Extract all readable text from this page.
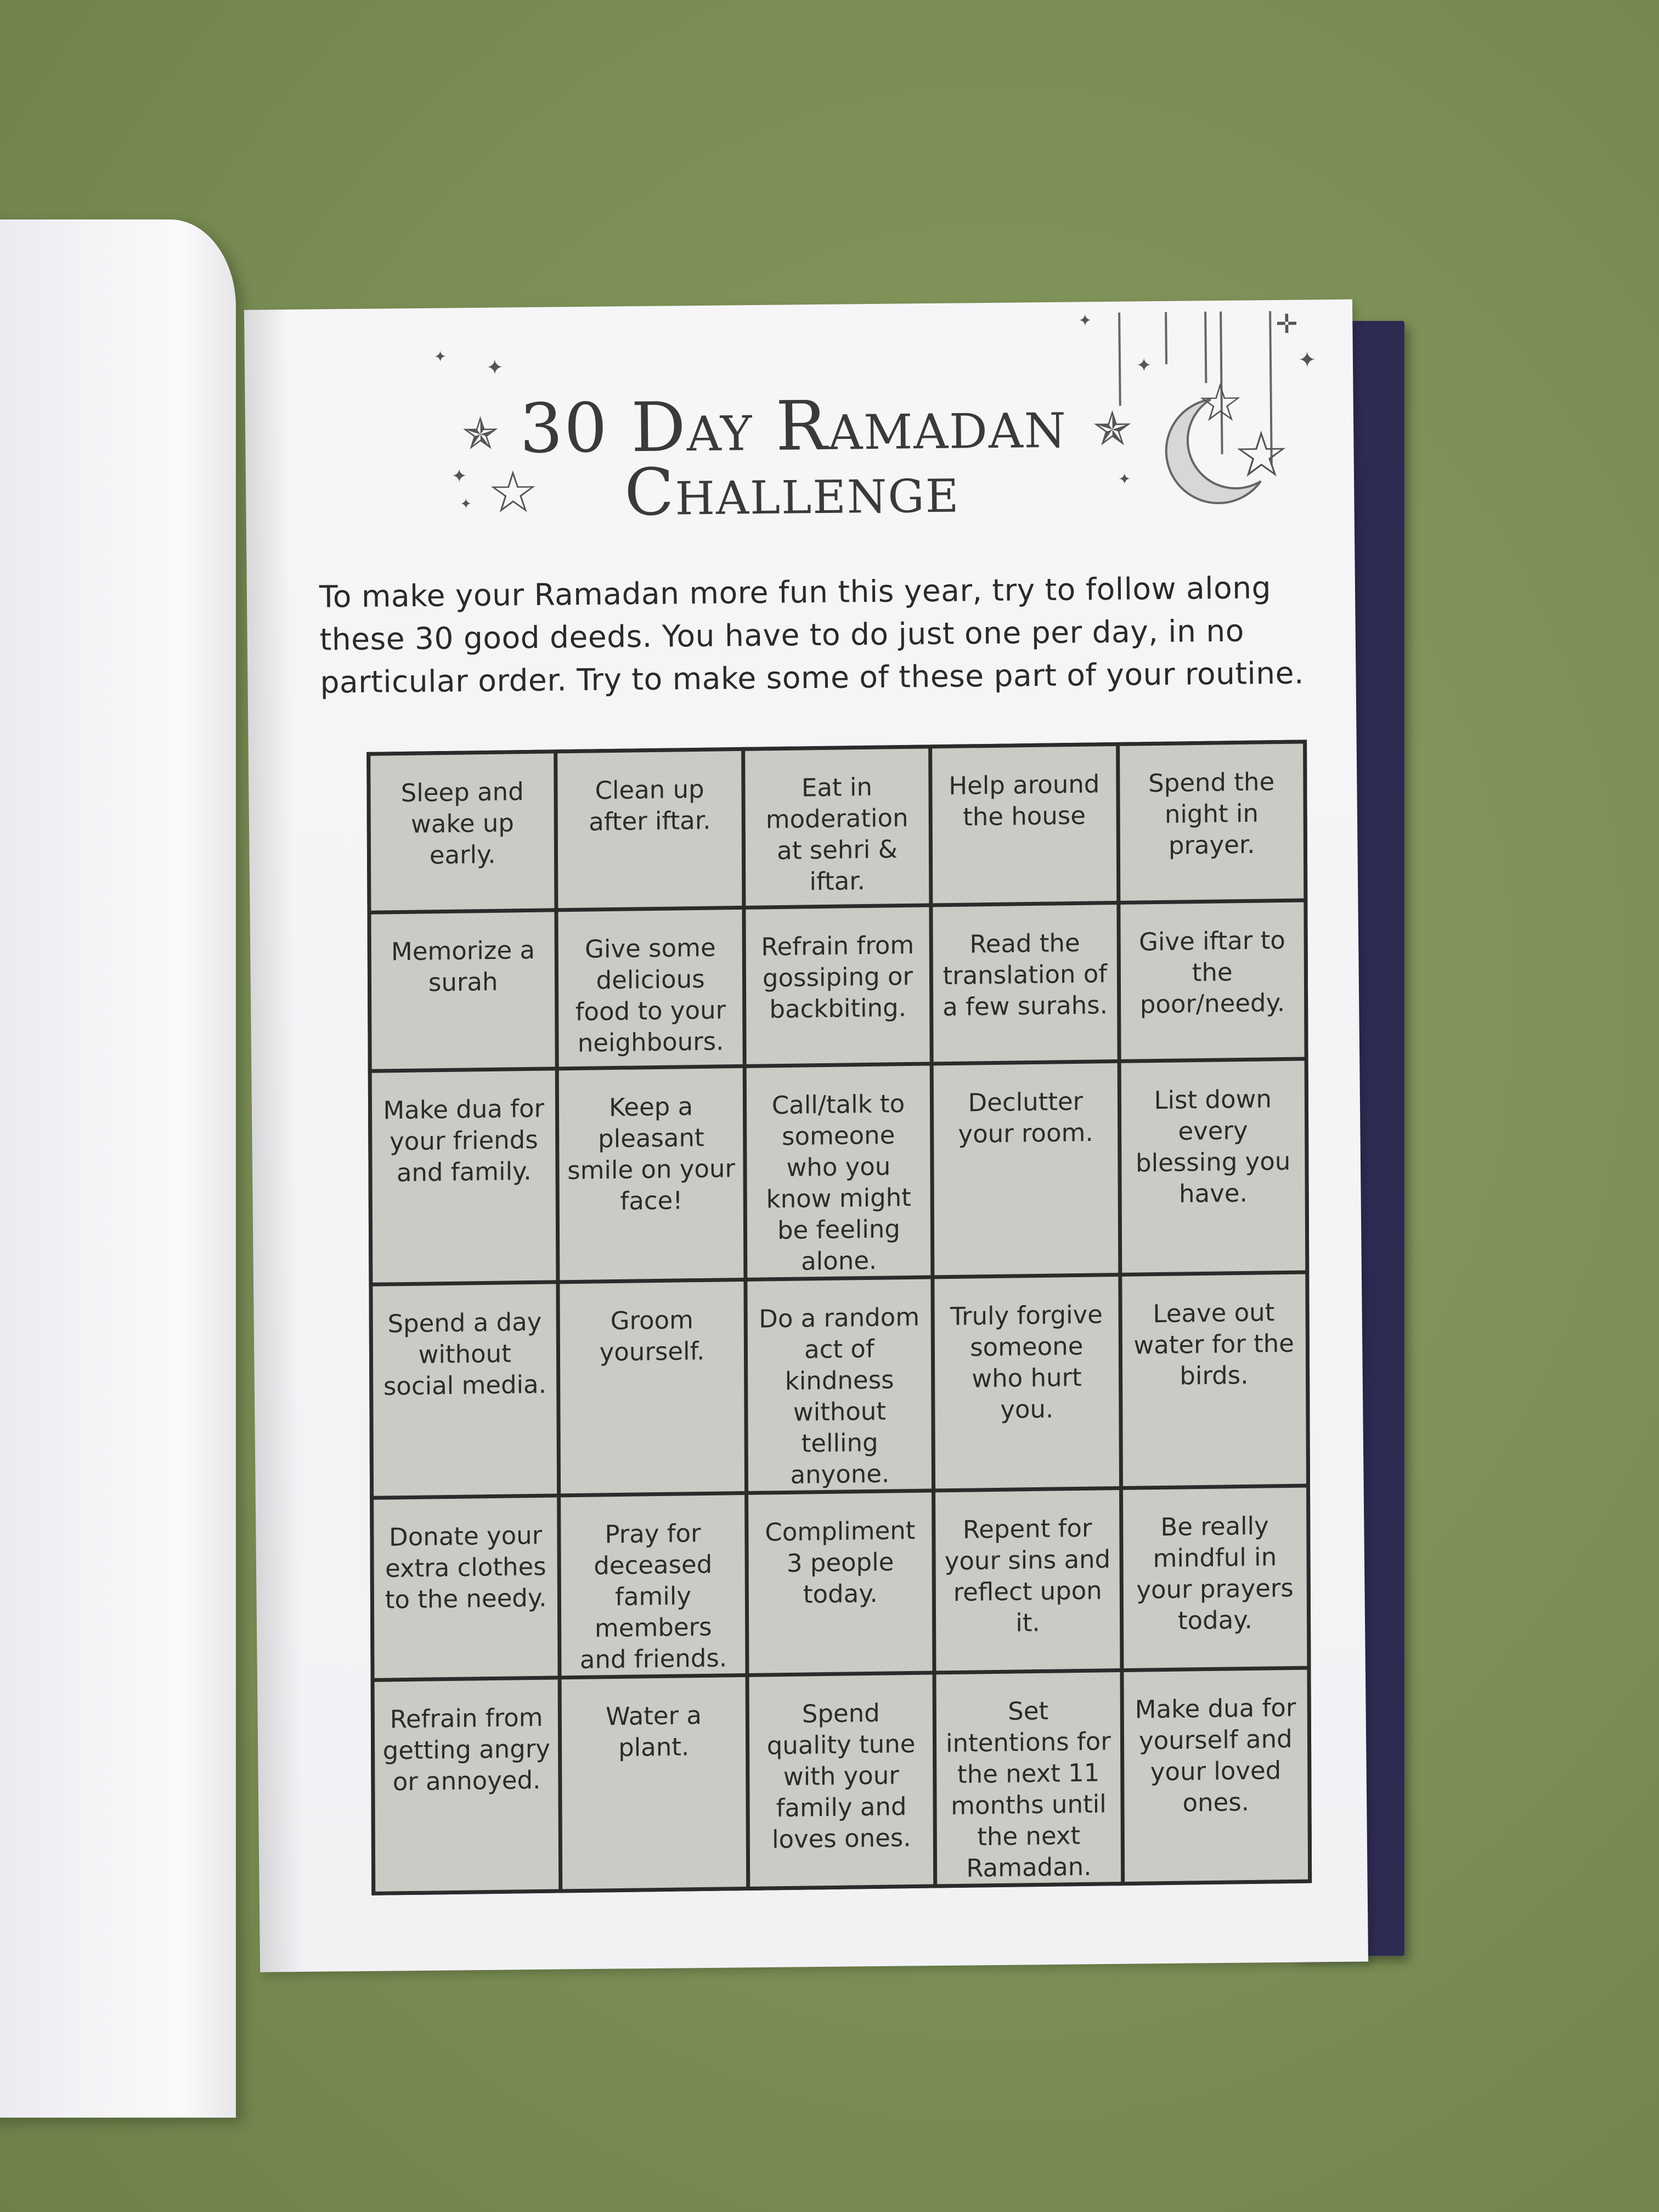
☆
☆
✯
✛
✦
✦
✦
✦
✯
☆
✦
✦
✦
✦
30 Day Ramadan
Challenge
To make your Ramadan more fun this year, try to follow along these 30 good deeds. You have to do just one per day, in no particular order. Try to make some of these part of your routine.
Sleep and wake up early.
Clean up after iftar.
Eat in moderation at sehri & iftar.
Help around the house
Spend the night in prayer.
Memorize a surah
Give some delicious food to your neighbours.
Refrain from gossiping or backbiting.
Read the translation of a few surahs.
Give iftar to the poor/needy.
Make dua for your friends and family.
Keep a pleasant smile on your face!
Call/talk to someone who you know might be feeling alone.
Declutter your room.
List down every blessing you have.
Spend a day without social media.
Groom yourself.
Do a random act of kindness without telling anyone.
Truly forgive someone who hurt you.
Leave out water for the birds.
Donate your extra clothes to the needy.
Pray for deceased family members and friends.
Compliment 3 people today.
Repent for your sins and reflect upon it.
Be really mindful in your prayers today.
Refrain from getting angry or annoyed.
Water a plant.
Spend quality tune with your family and loves ones.
Set intentions for the next 11 months until the next Ramadan.
Make dua for yourself and your loved ones.
